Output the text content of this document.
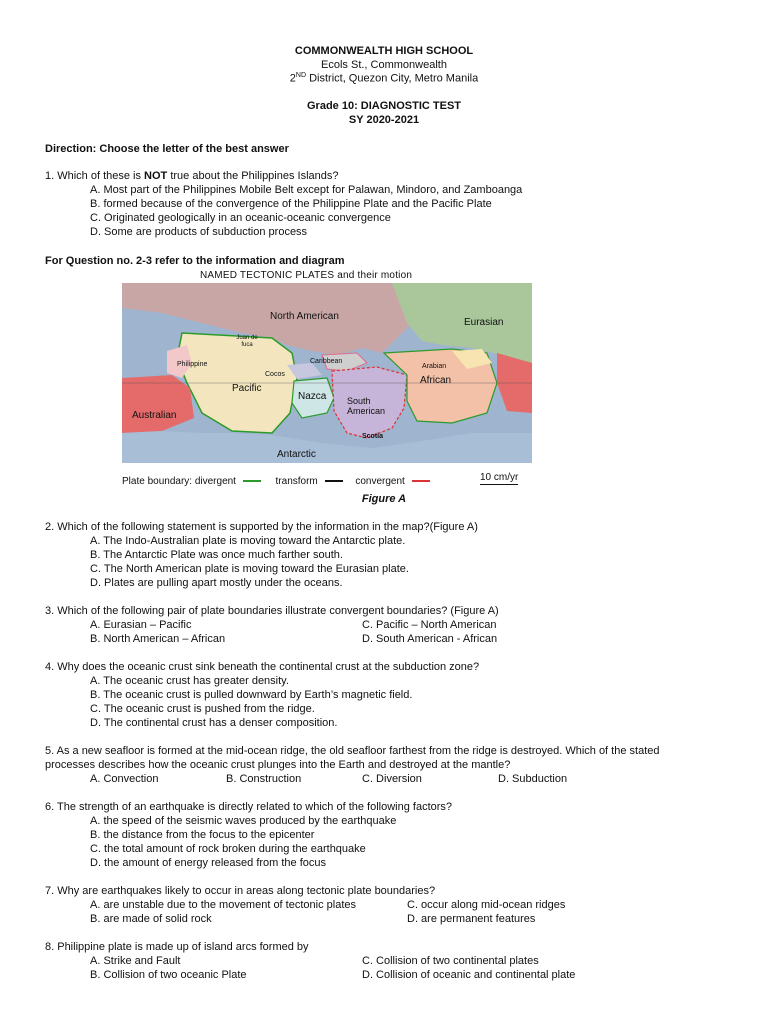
COMMONWEALTH HIGH SCHOOL
Ecols St., Commonwealth
2ND District, Quezon City, Metro Manila
Grade 10: DIAGNOSTIC TEST
SY 2020-2021
Direction: Choose the letter of the best answer
1. Which of these is NOT true about the Philippines Islands?
A. Most part of the Philippines Mobile Belt except for Palawan, Mindoro, and Zamboanga
B. formed because of the convergence of the Philippine Plate and the Pacific Plate
C. Originated geologically in an oceanic-oceanic convergence
D. Some are products of subduction process
For Question no. 2-3 refer to the information and diagram
NAMED TECTONIC PLATES and their motion
North American
Eurasian
Juan de fuca
Caribbean
Philippine
Cocos
Pacific
Nazca South American
Arabian
African
Australian
Scotia
Antarctic
Plate boundary: divergent	transform	convergent	10 cm/yr
Figure A
2. Which of the following statement is supported by the information in the map?(Figure A)
A. The Indo-Australian plate is moving toward the Antarctic plate.
B. The Antarctic Plate was once much farther south.
C. The North American plate is moving toward the Eurasian plate.
D. Plates are pulling apart mostly under the oceans.
3. Which of the following pair of plate boundaries illustrate convergent boundaries? (Figure A)
A. Eurasian – Pacific	C. Pacific – North American
B. North American – African	D. South American - African
4. Why does the oceanic crust sink beneath the continental crust at the subduction zone?
A. The oceanic crust has greater density.
B. The oceanic crust is pulled downward by Earth’s magnetic field.
C. The oceanic crust is pushed from the ridge.
D. The continental crust has a denser composition.
5. As a new seafloor is formed at the mid-ocean ridge, the old seafloor farthest from the ridge is destroyed. Which of the stated
processes describes how the oceanic crust plunges into the Earth and destroyed at the mantle?
A. Convection	B. Construction	C. Diversion	D. Subduction
6. The strength of an earthquake is directly related to which of the following factors?
A. the speed of the seismic waves produced by the earthquake
B. the distance from the focus to the epicenter
C. the total amount of rock broken during the earthquake
D. the amount of energy released from the focus
7. Why are earthquakes likely to occur in areas along tectonic plate boundaries?
A. are unstable due to the movement of tectonic plates	C. occur along mid-ocean ridges
B. are made of solid rock	D. are permanent features
8. Philippine plate is made up of island arcs formed by
A. Strike and Fault	C. Collision of two continental plates
B. Collision of two oceanic Plate	D. Collision of oceanic and continental plate
